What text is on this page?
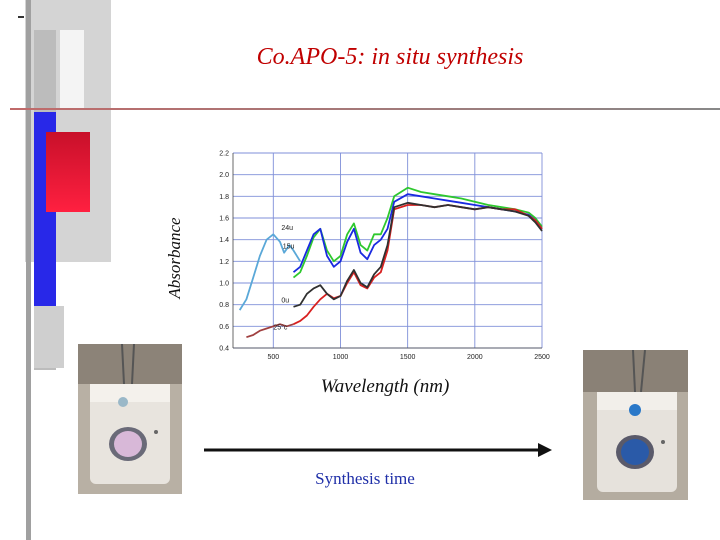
Co.APO-5: in situ synthesis
Absorbance
500	1000	1500	2000	2500
0.4
0.6
0.8
1.0
1.2
1.4
1.6
1.8
2.0
2.2
24u
15u
0u
25°c
Wavelength (nm)
Synthesis time
